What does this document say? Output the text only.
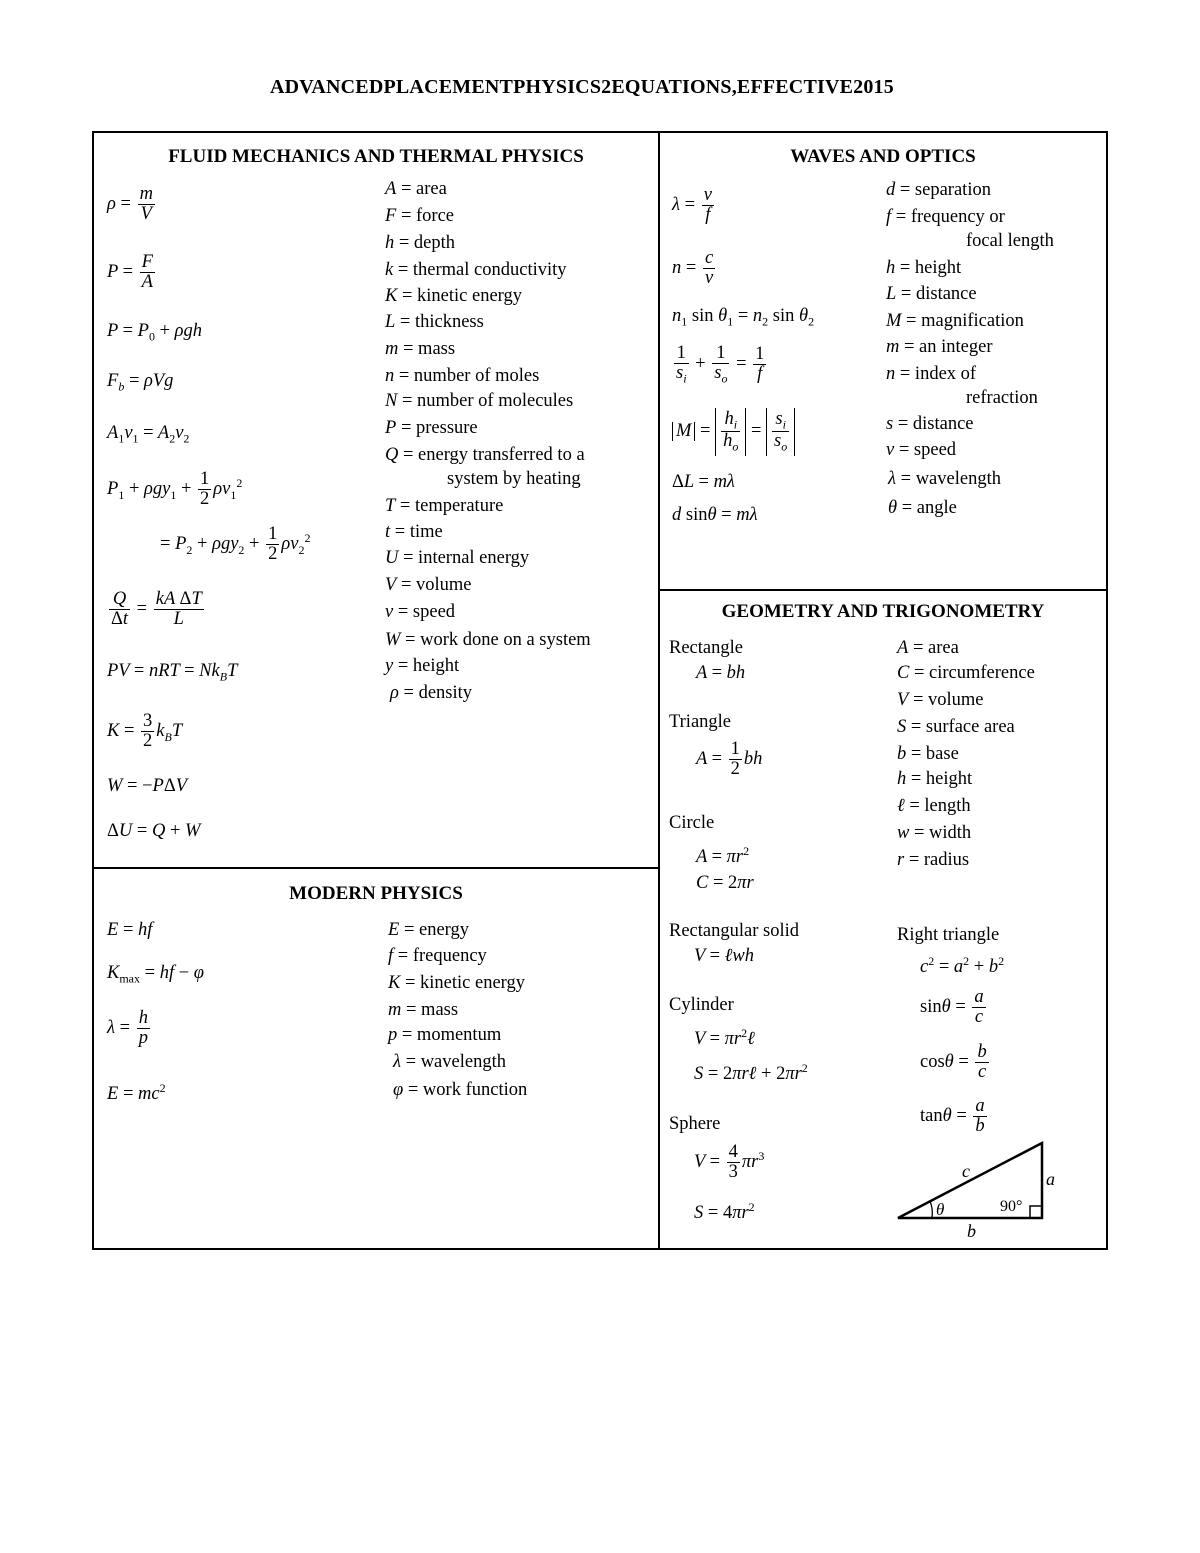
ADVANCEDPLACEMENTPHYSICS2EQUATIONS,EFFECTIVE2015
FLUID MECHANICS AND THERMAL PHYSICS
$\rho = \frac{m}{V}$
$P = \frac{F}{A}$
$P = P_0 + \rho gh$
$F_b = \rho Vg$
$A_1v_1 = A_2v_2$
$P_1 + \rho gy_1 + \frac{1}{2} \rho v_1^2$
= $P_2 + \rho gy_2 + \frac{1}{2} \rho v_2^2$
$\frac{Q}{\Delta t} = \frac{\text{kA ΔT}}{L}$
PV = nRT = $Nk_BT$
$K = \frac{3}{2} k_BT$
W = −PΔV
ΔU = Q + W
A = area
F = force
h = depth
k = thermal conductivity
K = kinetic energy
L = thickness
m = mass
n = number of moles
N = number of molecules
P = pressure
Q = energy transferred to a
system by heating
T = temperature
t = time
U = internal energy
V = volume
v = speed
W = work done on a system
y = height
ρ = density
WAVES AND OPTICS
$\lambda = \frac{v}{f}$
$n = \frac{c}{v}$
$n_1$ $\sin \theta_1 = n_2$ $\sin \theta_2$
$\frac{1}{s_i} + \frac{1}{s_o} = \frac{1}{f}$
$M = \frac{h_i}{h_o} = \frac{s_i}{s_o}$
ΔL = mλ
d sinθ = mλ
d = separation
f = frequency or
focal length
h = height
L = distance
M = magnification
m = an integer
n = index of
refraction
s = distance
v = speed
λ = wavelength
θ = angle
MODERN PHYSICS
E = hf
$K_{max}$ = hf − φ
$\lambda = \frac{h}{p}$
$E = mc^2$
E = energy
f = frequency
K = kinetic energy
m = mass
p = momentum
λ = wavelength
φ = work function
GEOMETRY AND TRIGONOMETRY
Rectangle
A = bh
Triangle
$A = \frac{1}{2}$ bh
Circle
$A = \pi r^2$
C = 2πr
Rectangular solid
V = ℓwh
Cylinder
$V = \pi r^2\ell$
S = 2πrℓ + $2\pi r^2$
Sphere
$V = \frac{4}{3} \pi r^3$
$S = 4\pi r^2$
A = area
C = circumference
V = volume
S = surface area
b = base
h = height
ℓ = length
w = width
r = radius
Right triangle
$c^2 = a^2 + b^2$
$\sin\theta = \frac{a}{c}$
$\cos\theta = \frac{b}{c}$
$\tan\theta = \frac{a}{b}$
c	a
b
θ	90°
